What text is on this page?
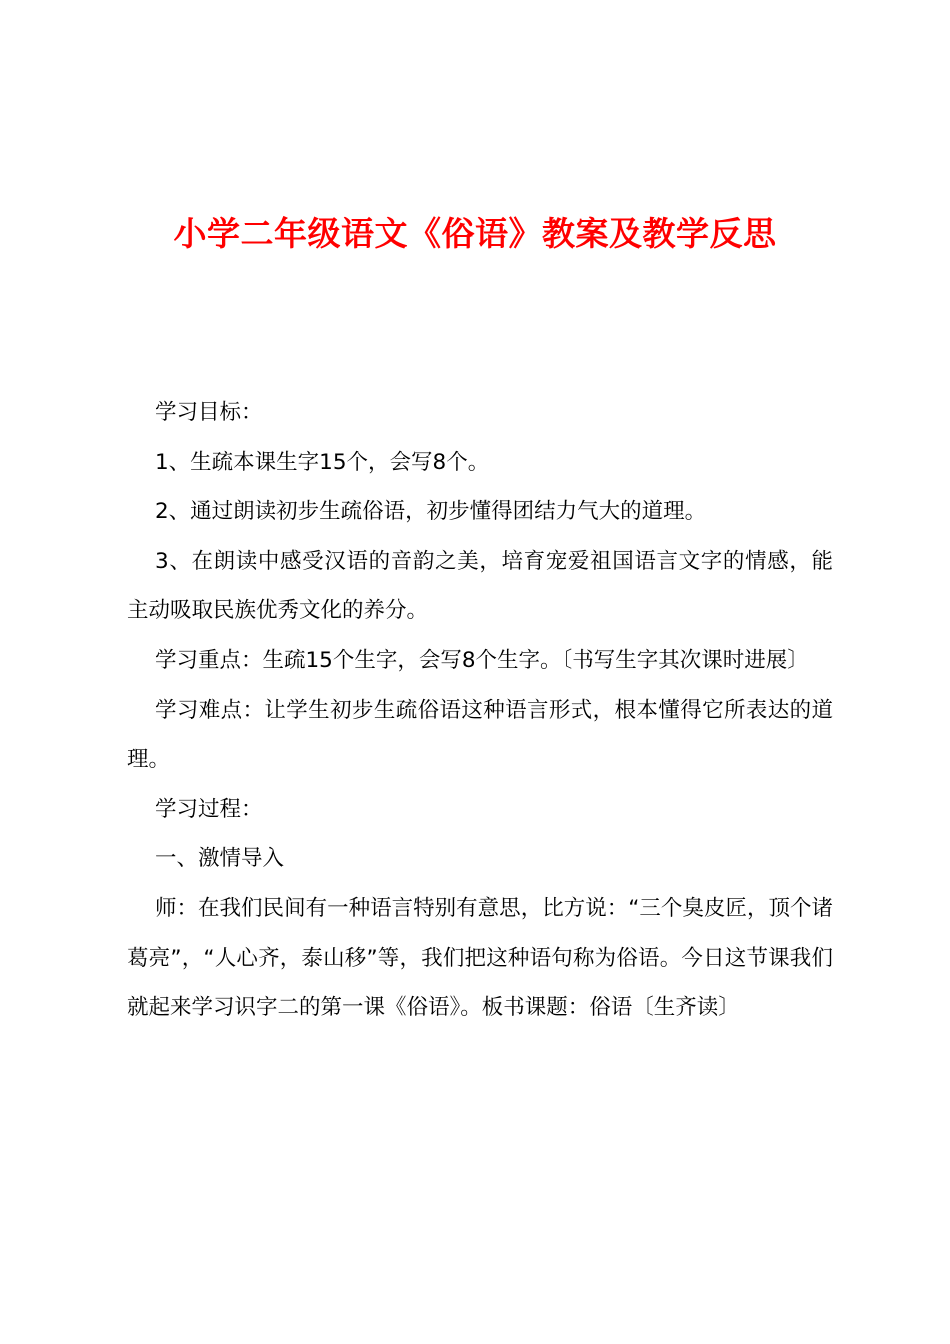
小学二年级语文《俗语》教案及教学反思

学习目标：

1、生疏本课生字15个，会写8个。

2、通过朗读初步生疏俗语，初步懂得团结力气大的道理。

3、在朗读中感受汉语的音韵之美，培育宠爱祖国语言文字的情感，能主动吸取民族优秀文化的养分。

学习重点：生疏15个生字，会写8个生字。〔书写生字其次课时进展〕

学习难点：让学生初步生疏俗语这种语言形式，根本懂得它所表达的道理。

学习过程：

一、激情导入

师：在我们民间有一种语言特别有意思，比方说：“三个臭皮匠，顶个诸葛亮”，“人心齐，泰山移”等，我们把这种语句称为俗语。今日这节课我们就起来学习识字二的第一课《俗语》。板书课题：俗语〔生齐读〕
